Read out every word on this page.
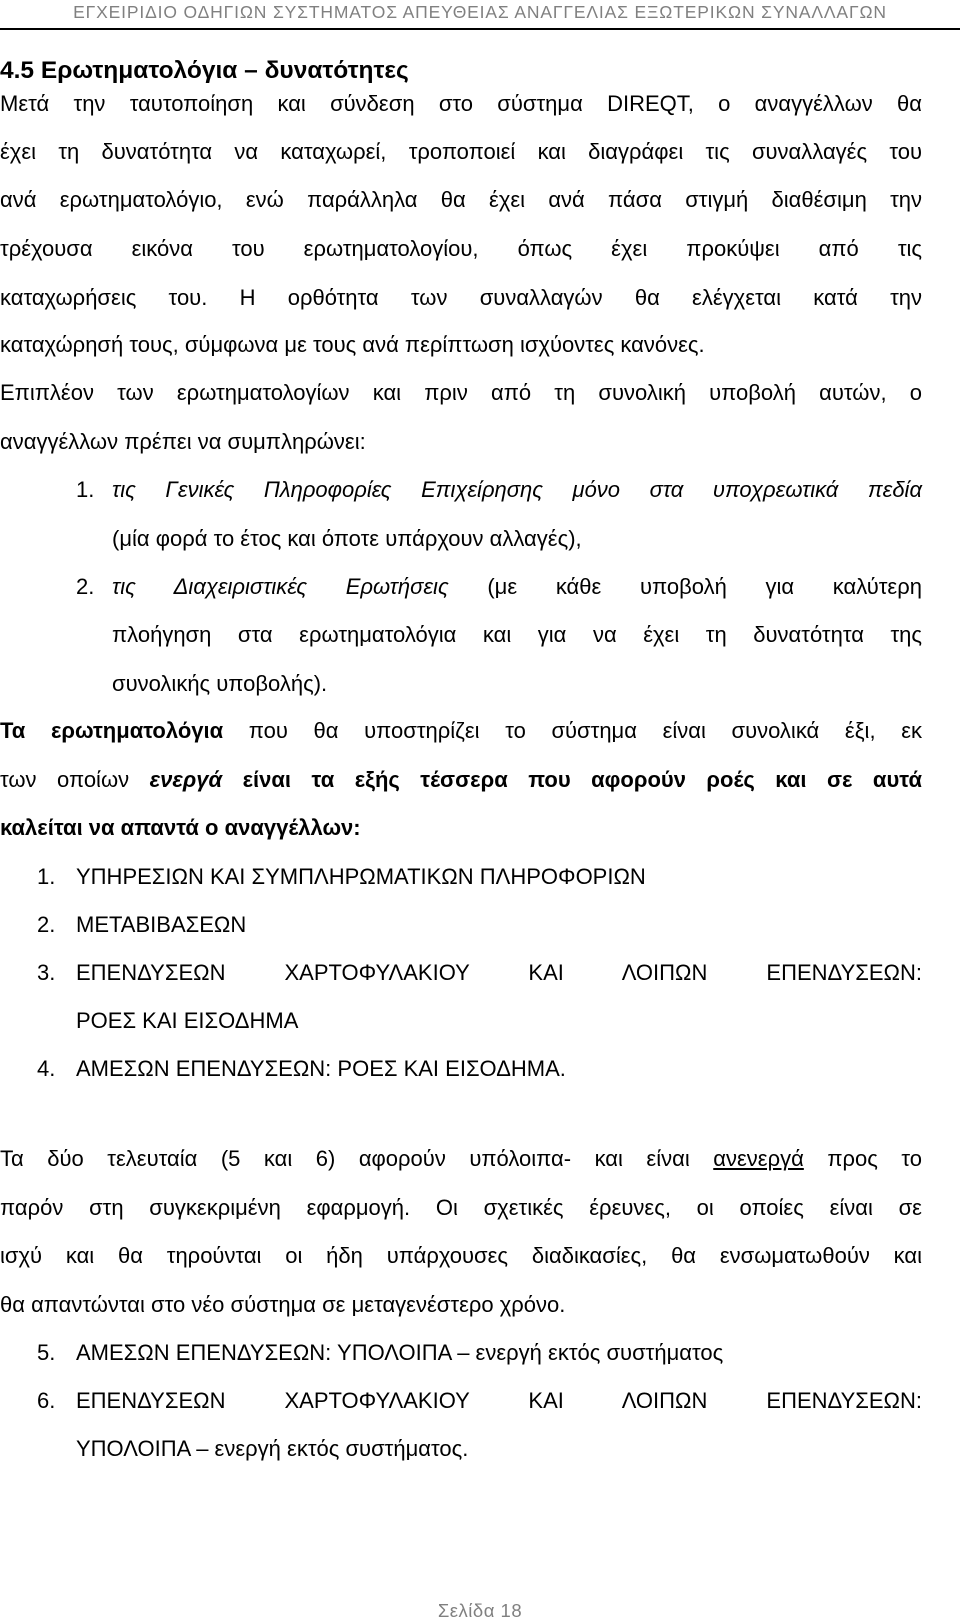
ΕΓΧΕΙΡΙΔΙΟ ΟΔΗΓΙΩΝ ΣΥΣΤΗΜΑΤΟΣ ΑΠΕΥΘΕΙΑΣ ΑΝΑΓΓΕΛΙΑΣ ΕΞΩΤΕΡΙΚΩΝ ΣΥΝΑΛΛΑΓΩΝ
4.5 Ερωτηματολόγια – δυνατότητες
Μετά την ταυτοποίηση και σύνδεση στο σύστημα DIREQT, ο αναγγέλλων θα
έχει τη δυνατότητα να καταχωρεί, τροποποιεί και διαγράφει τις συναλλαγές του
ανά ερωτηματολόγιο, ενώ παράλληλα θα έχει ανά πάσα στιγμή διαθέσιμη την
τρέχουσα εικόνα του ερωτηματολογίου, όπως έχει προκύψει από τις
καταχωρήσεις του. Η ορθότητα των συναλλαγών θα ελέγχεται κατά την
καταχώρησή τους, σύμφωνα με τους ανά περίπτωση ισχύοντες κανόνες.
Επιπλέον των ερωτηματολογίων και πριν από τη συνολική υποβολή αυτών, ο
αναγγέλλων πρέπει να συμπληρώνει:
1. τις Γενικές Πληροφορίες Επιχείρησης μόνο στα υποχρεωτικά πεδία
(μία φορά το έτος και όποτε υπάρχουν αλλαγές),
2. τις Διαχειριστικές Ερωτήσεις (με κάθε υποβολή για καλύτερη
πλοήγηση στα ερωτηματολόγια και για να έχει τη δυνατότητα της
συνολικής υποβολής).
Τα ερωτηματολόγια που θα υποστηρίζει το σύστημα είναι συνολικά έξι, εκ
των οποίων ενεργά είναι τα εξής τέσσερα που αφορούν ροές και σε αυτά
καλείται να απαντά ο αναγγέλλων:
1. ΥΠΗΡΕΣΙΩΝ ΚΑΙ ΣΥΜΠΛΗΡΩΜΑΤΙΚΩΝ ΠΛΗΡΟΦΟΡΙΩΝ
2. ΜΕΤΑΒΙΒΑΣΕΩΝ
3. ΕΠΕΝΔΥΣΕΩΝ ΧΑΡΤΟΦΥΛΑΚΙΟΥ ΚΑΙ ΛΟΙΠΩΝ ΕΠΕΝΔΥΣΕΩΝ:
ΡΟΕΣ ΚΑΙ ΕΙΣΟΔΗΜΑ
4. ΑΜΕΣΩΝ ΕΠΕΝΔΥΣΕΩΝ: ΡΟΕΣ ΚΑΙ ΕΙΣΟΔΗΜΑ.
Τα δύο τελευταία (5 και 6) αφορούν υπόλοιπα- και είναι ανενεργά προς το
παρόν στη συγκεκριμένη εφαρμογή. Οι σχετικές έρευνες, οι οποίες είναι σε
ισχύ και θα τηρούνται οι ήδη υπάρχουσες διαδικασίες, θα ενσωματωθούν και
θα απαντώνται στο νέο σύστημα σε μεταγενέστερο χρόνο.
5. ΑΜΕΣΩΝ ΕΠΕΝΔΥΣΕΩΝ: ΥΠΟΛΟΙΠΑ – ενεργή εκτός συστήματος
6. ΕΠΕΝΔΥΣΕΩΝ ΧΑΡΤΟΦΥΛΑΚΙΟΥ ΚΑΙ ΛΟΙΠΩΝ ΕΠΕΝΔΥΣΕΩΝ:
ΥΠΟΛΟΙΠΑ – ενεργή εκτός συστήματος.
Σελίδα 18
